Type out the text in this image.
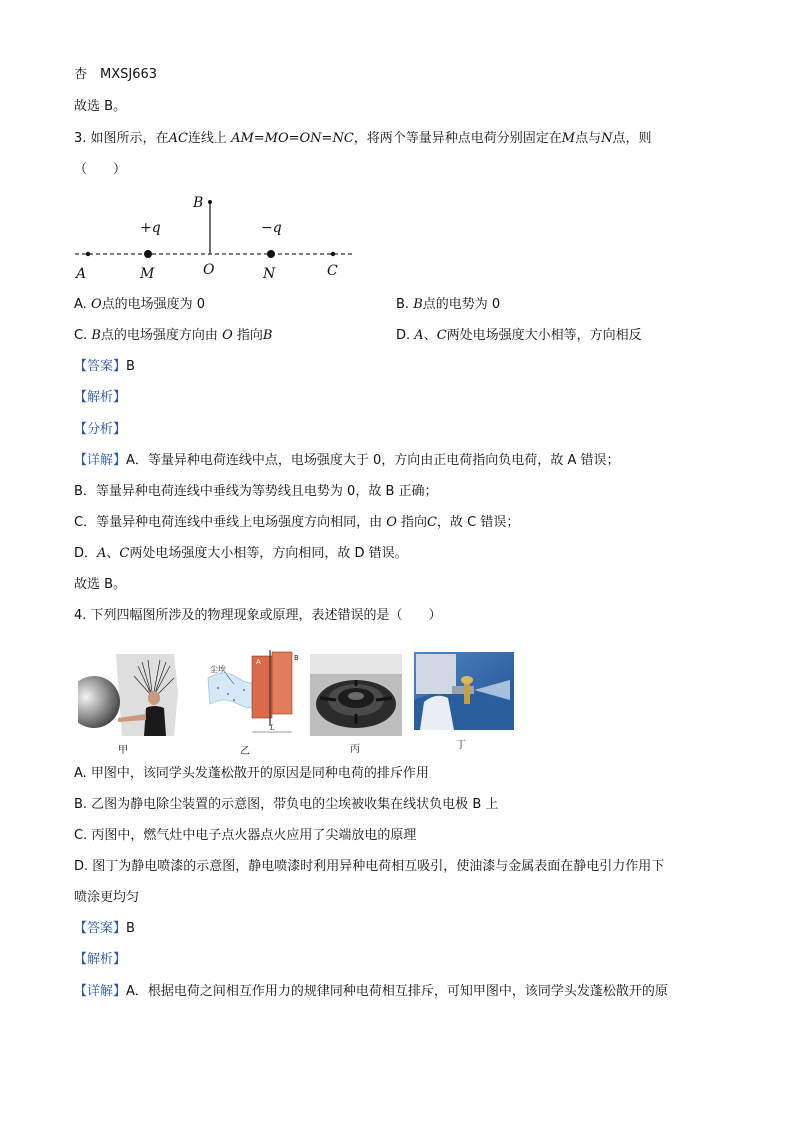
杏　MXSJ663
故选 B。
3. 如图所示，在AC连线上 AM=MO=ON=NC，将两个等量异种点电荷分别固定在M点与N点，则
（　　）
B
+q	−q
A	M	O	N	C
A. O点的电场强度为 0	B. B点的电势为 0
C. B点的电场强度方向由 O 指向B	D. A、C两处电场强度大小相等，方向相反
【答案】B
【解析】
【分析】
【详解】A．等量异种电荷连线中点，电场强度大于 0，方向由正电荷指向负电荷，故 A 错误；
B．等量异种电荷连线中垂线为等势线且电势为 0，故 B 正确；
C．等量异种电荷连线中垂线上电场强度方向相同，由 O 指向C，故 C 错误；
D．A、C两处电场强度大小相等，方向相同，故 D 错误。
故选 B。
4. 下列四幅图所涉及的物理现象或原理，表述错误的是（　　）
甲
尘埃
A	B
L
乙	丙	丁
A. 甲图中，该同学头发蓬松散开的原因是同种电荷的排斥作用
B. 乙图为静电除尘装置的示意图，带负电的尘埃被收集在线状负电极 B 上
C. 丙图中，燃气灶中电子点火器点火应用了尖端放电的原理
D. 图丁为静电喷漆的示意图，静电喷漆时利用异种电荷相互吸引，使油漆与金属表面在静电引力作用下
喷涂更均匀
【答案】B
【解析】
【详解】A．根据电荷之间相互作用力的规律同种电荷相互排斥，可知甲图中，该同学头发蓬松散开的原
